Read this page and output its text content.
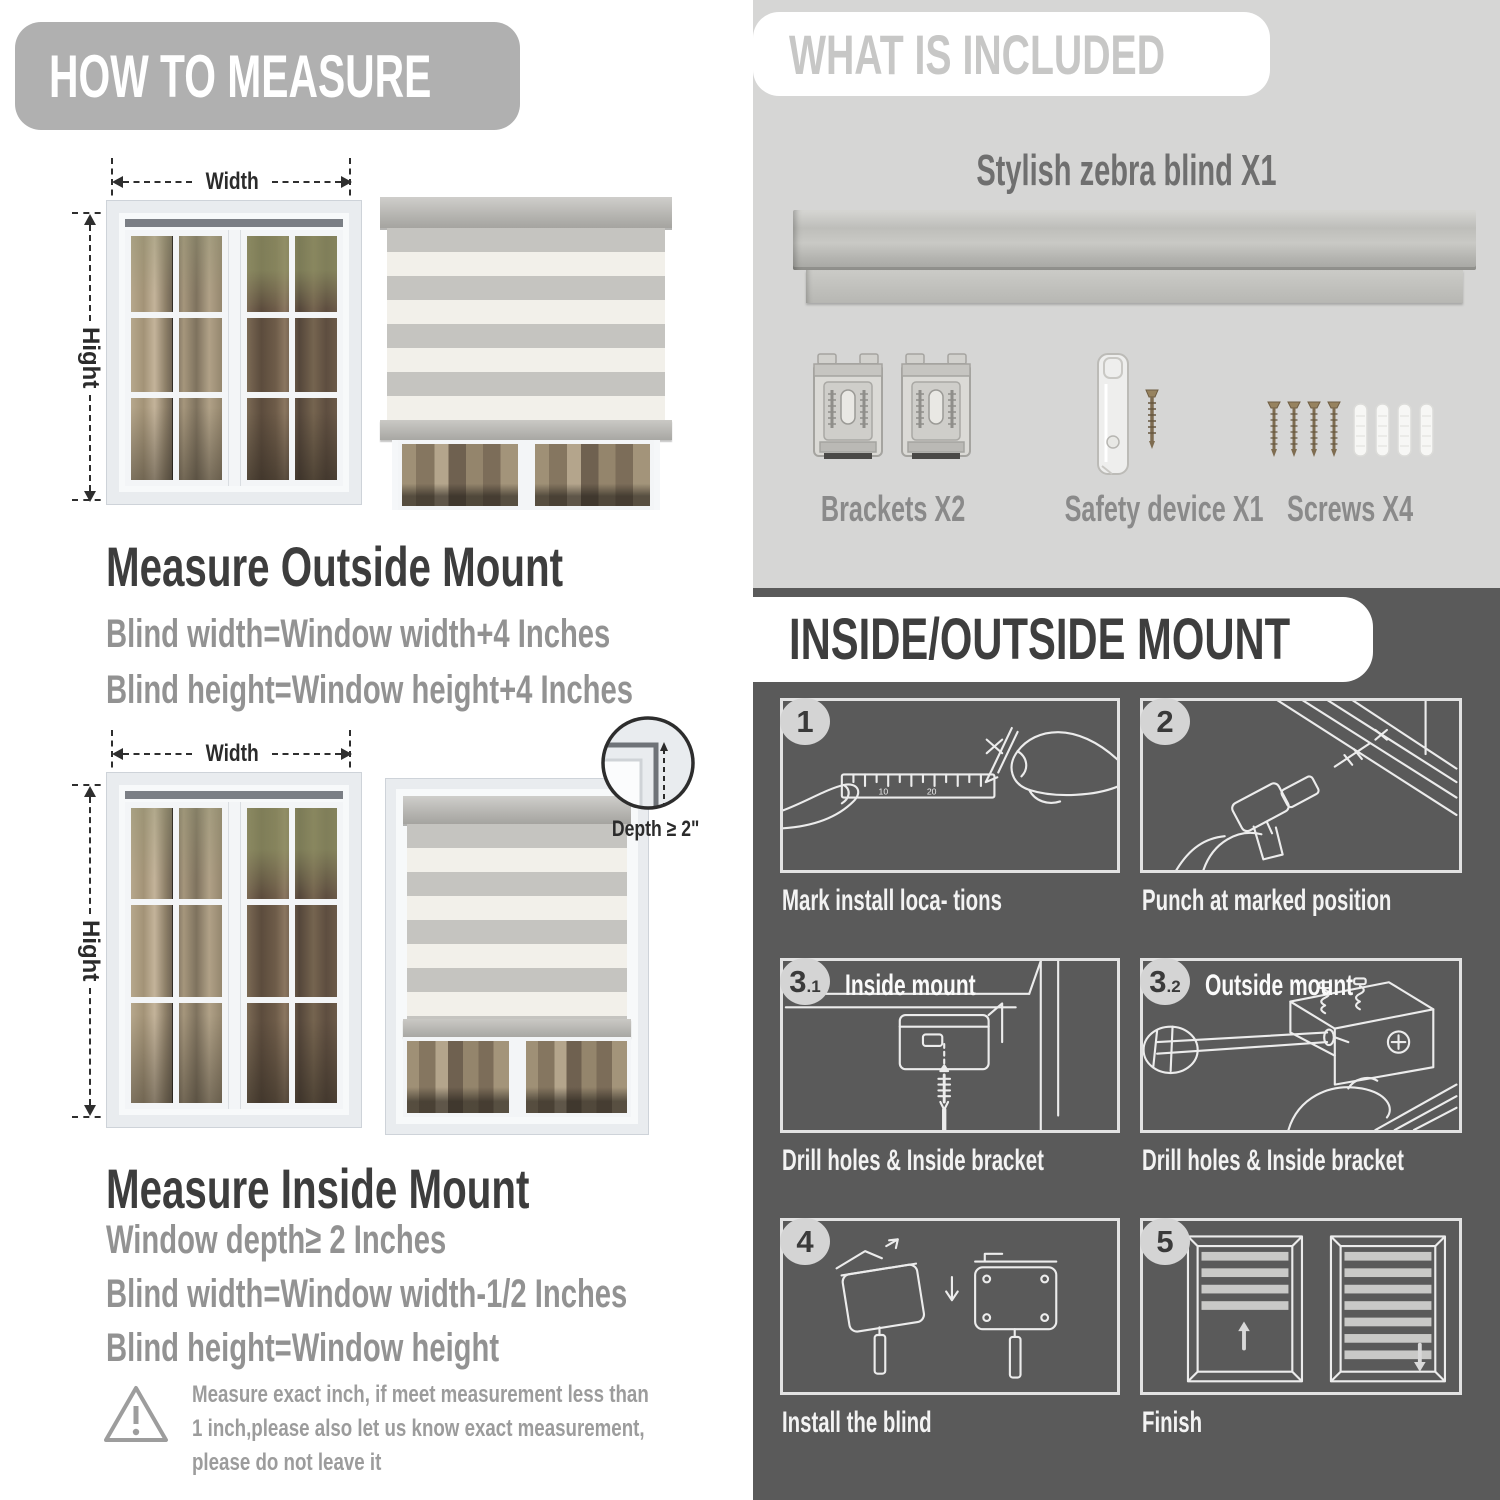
HOW TO MEASURE
Width
Hight
Measure Outside Mount
Blind width=Window width+4 Inches
Blind height=Window height+4 Inches
Width
Hight
Depth ≥ 2"
Measure Inside Mount
Window depth≥ 2 Inches
Blind width=Window width-1/2 Inches
Blind height=Window height
Measure exact inch, if meet measurement less than 1 inch,please also let us know exact measurement, please do not leave it
WHAT IS INCLUDED
Stylish zebra blind X1
Brackets X2	Safety device X1 Screws X4
INSIDE/OUTSIDE MOUNT
10	20
1	2
3 .1 Inside mount	3 .2 Outside mount
4	5
Mark install loca- tions	Punch at marked position
Drill holes & Inside bracket	Drill holes & Inside bracket
Install the blind	Finish
